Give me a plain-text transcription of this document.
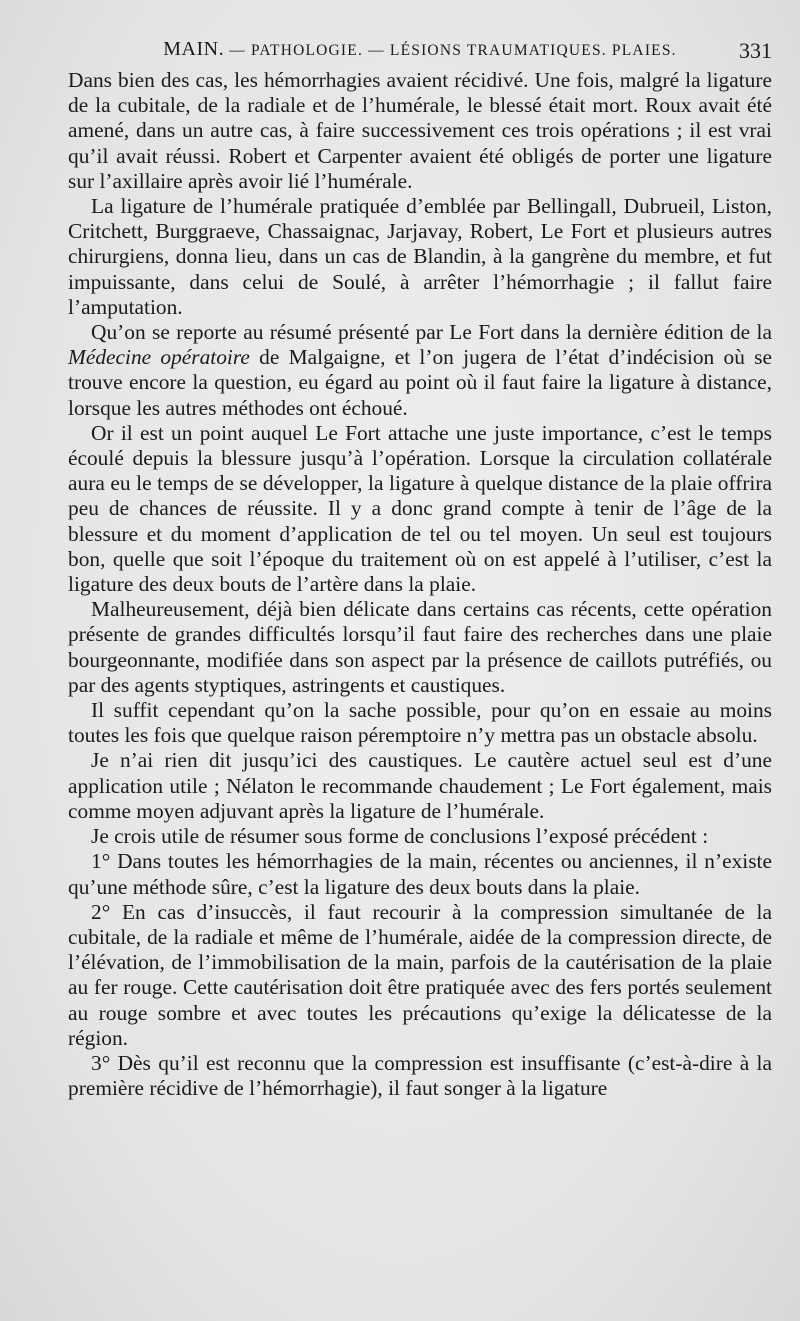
MAIN. — PATHOLOGIE. — LÉSIONS TRAUMATIQUES. PLAIES.	331

Dans bien des cas, les hémorrhagies avaient récidivé. Une fois, malgré la ligature de la cubitale, de la radiale et de l’humérale, le blessé était mort. Roux avait été amené, dans un autre cas, à faire successivement ces trois opérations ; il est vrai qu’il avait réussi. Robert et Carpenter avaient été obligés de porter une ligature sur l’axillaire après avoir lié l’humérale.

La ligature de l’humérale pratiquée d’emblée par Bellingall, Dubrueil, Liston, Critchett, Burggraeve, Chassaignac, Jarjavay, Robert, Le Fort et plusieurs autres chirurgiens, donna lieu, dans un cas de Blandin, à la gangrène du membre, et fut impuissante, dans celui de Soulé, à arrêter l’hémorrhagie ; il fallut faire l’amputation.

Qu’on se reporte au résumé présenté par Le Fort dans la dernière édition de la Médecine opératoire de Malgaigne, et l’on jugera de l’état d’indécision où se trouve encore la question, eu égard au point où il faut faire la ligature à distance, lorsque les autres méthodes ont échoué.

Or il est un point auquel Le Fort attache une juste importance, c’est le temps écoulé depuis la blessure jusqu’à l’opération. Lorsque la circulation collatérale aura eu le temps de se développer, la ligature à quelque distance de la plaie offrira peu de chances de réussite. Il y a donc grand compte à tenir de l’âge de la blessure et du moment d’application de tel ou tel moyen. Un seul est toujours bon, quelle que soit l’époque du traitement où on est appelé à l’utiliser, c’est la ligature des deux bouts de l’artère dans la plaie.

Malheureusement, déjà bien délicate dans certains cas récents, cette opération présente de grandes difficultés lorsqu’il faut faire des recherches dans une plaie bourgeonnante, modifiée dans son aspect par la présence de caillots putréfiés, ou par des agents styptiques, astringents et caustiques.

Il suffit cependant qu’on la sache possible, pour qu’on en essaie au moins toutes les fois que quelque raison péremptoire n’y mettra pas un obstacle absolu.

Je n’ai rien dit jusqu’ici des caustiques. Le cautère actuel seul est d’une application utile ; Nélaton le recommande chaudement ; Le Fort également, mais comme moyen adjuvant après la ligature de l’humérale.

Je crois utile de résumer sous forme de conclusions l’exposé précédent :

1° Dans toutes les hémorrhagies de la main, récentes ou anciennes, il n’existe qu’une méthode sûre, c’est la ligature des deux bouts dans la plaie.

2° En cas d’insuccès, il faut recourir à la compression simultanée de la cubitale, de la radiale et même de l’humérale, aidée de la compression directe, de l’élévation, de l’immobilisation de la main, parfois de la cautérisation de la plaie au fer rouge. Cette cautérisation doit être pratiquée avec des fers portés seulement au rouge sombre et avec toutes les précautions qu’exige la délicatesse de la région.

3° Dès qu’il est reconnu que la compression est insuffisante (c’est-à-dire à la première récidive de l’hémorrhagie), il faut songer à la ligature
